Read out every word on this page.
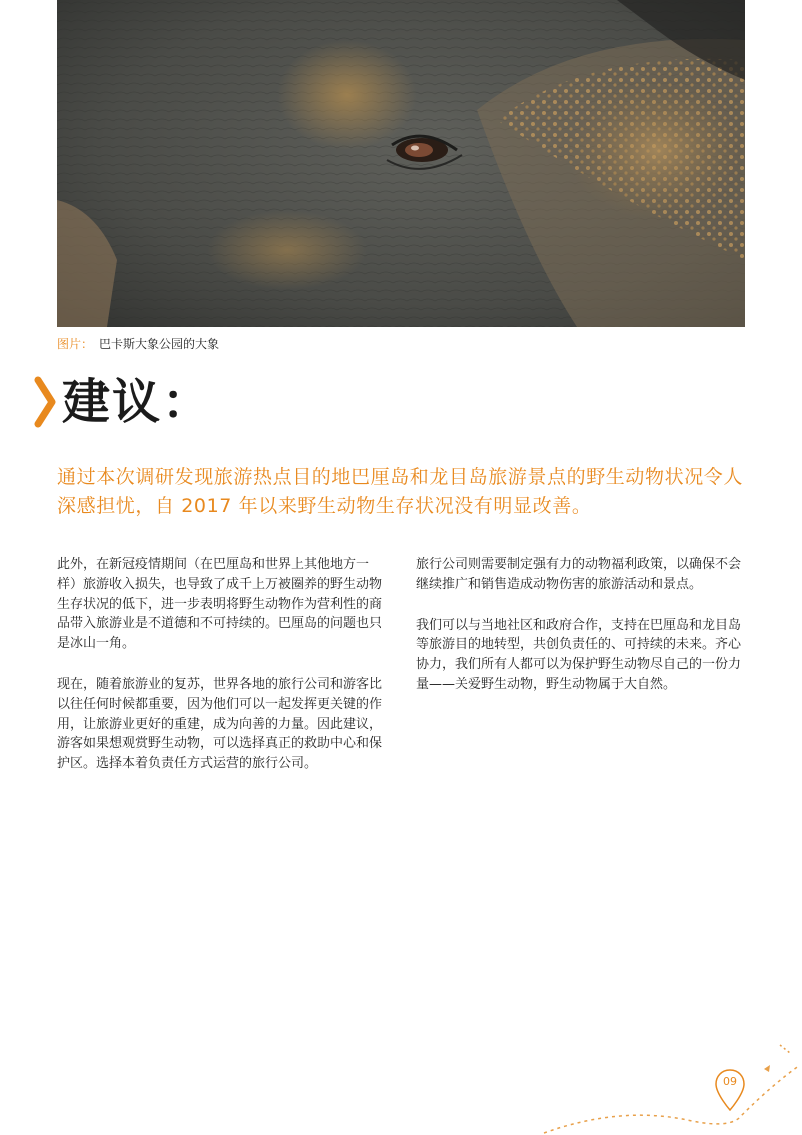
图片： 巴卡斯大象公园的大象
建议：

通过本次调研发现旅游热点目的地巴厘岛和龙目岛旅游景点的野生动物状况令人深感担忧，自 2017 年以来野生动物生存状况没有明显改善。

此外，在新冠疫情期间（在巴厘岛和世界上其他地方一样）旅游收入损失，也导致了成千上万被圈养的野生动物生存状况的低下，进一步表明将野生动物作为营利性的商品带入旅游业是不道德和不可持续的。巴厘岛的问题也只是冰山一角。

现在，随着旅游业的复苏，世界各地的旅行公司和游客比以往任何时候都重要，因为他们可以一起发挥更关键的作用，让旅游业更好的重建，成为向善的力量。因此建议，游客如果想观赏野生动物，可以选择真正的救助中心和保护区。选择本着负责任方式运营的旅行公司。

旅行公司则需要制定强有力的动物福利政策，以确保不会继续推广和销售造成动物伤害的旅游活动和景点。

我们可以与当地社区和政府合作，支持在巴厘岛和龙目岛等旅游目的地转型，共创负责任的、可持续的未来。齐心协力，我们所有人都可以为保护野生动物尽自己的一份力量——关爱野生动物，野生动物属于大自然。

09
